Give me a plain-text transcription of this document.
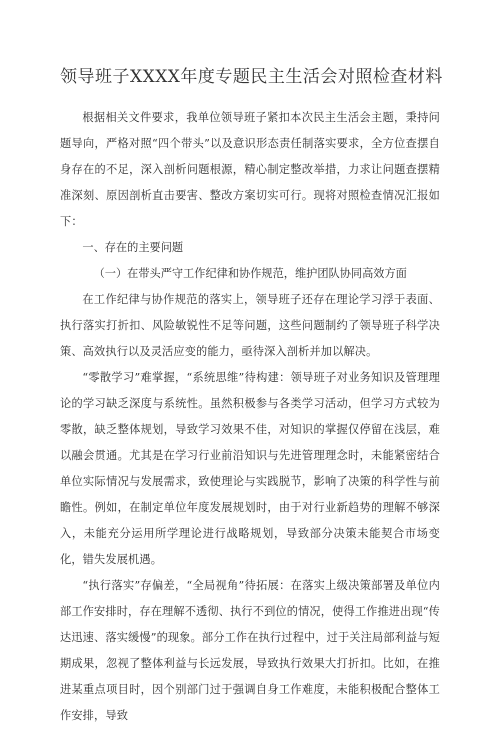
领导班子XXXX年度专题民主生活会对照检查材料

根据相关文件要求，我单位领导班子紧扣本次民主生活会主题，秉持问题导向，严格对照“四个带头”以及意识形态责任制落实要求，全方位查摆自身存在的不足，深入剖析问题根源，精心制定整改举措，力求让问题查摆精准深刻、原因剖析直击要害、整改方案切实可行。现将对照检查情况汇报如下：

一、存在的主要问题

（一）在带头严守工作纪律和协作规范，维护团队协同高效方面

在工作纪律与协作规范的落实上，领导班子还存在理论学习浮于表面、执行落实打折扣、风险敏锐性不足等问题，这些问题制约了领导班子科学决策、高效执行以及灵活应变的能力，亟待深入剖析并加以解决。

“零散学习”难掌握，“系统思维”待构建：领导班子对业务知识及管理理论的学习缺乏深度与系统性。虽然积极参与各类学习活动，但学习方式较为零散，缺乏整体规划，导致学习效果不佳，对知识的掌握仅停留在浅层，难以融会贯通。尤其是在学习行业前沿知识与先进管理理念时，未能紧密结合单位实际情况与发展需求，致使理论与实践脱节，影响了决策的科学性与前瞻性。例如，在制定单位年度发展规划时，由于对行业新趋势的理解不够深入，未能充分运用所学理论进行战略规划，导致部分决策未能契合市场变化，错失发展机遇。

“执行落实”存偏差，“全局视角”待拓展：在落实上级决策部署及单位内部工作安排时，存在理解不透彻、执行不到位的情况，使得工作推进出现“传达迅速、落实缓慢”的现象。部分工作在执行过程中，过于关注局部利益与短期成果，忽视了整体利益与长远发展，导致执行效果大打折扣。比如，在推进某重点项目时，因个别部门过于强调自身工作难度，未能积极配合整体工作安排，导致
